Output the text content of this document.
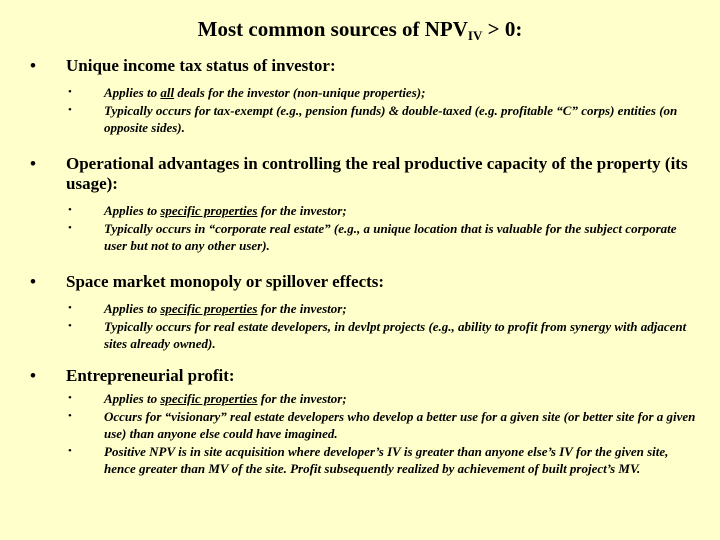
Most common sources of $NPV_{IV} > 0$:
• Unique income tax status of investor:
• Applies to all deals for the investor (non-unique properties);
• Typically occurs for tax-exempt (e.g., pension funds) & double-taxed (e.g. profitable “C” corps) entities (on opposite sides).
• Operational advantages in controlling the real productive capacity of the property (its usage):
• Applies to specific properties for the investor;
• Typically occurs in “corporate real estate” (e.g., a unique location that is valuable for the subject corporate user but not to any other user).
• Space market monopoly or spillover effects:
• Applies to specific properties for the investor;
• Typically occurs for real estate developers, in devlpt projects (e.g., ability to profit from synergy with adjacent sites already owned).
• Entrepreneurial profit:
• Applies to specific properties for the investor;
• Occurs for “visionary” real estate developers who develop a better use for a given site (or better site for a given use) than anyone else could have imagined.
• Positive NPV is in site acquisition where developer’s IV is greater than anyone else’s IV for the given site, hence greater than MV of the site. Profit subsequently realized by achievement of built project’s MV.
